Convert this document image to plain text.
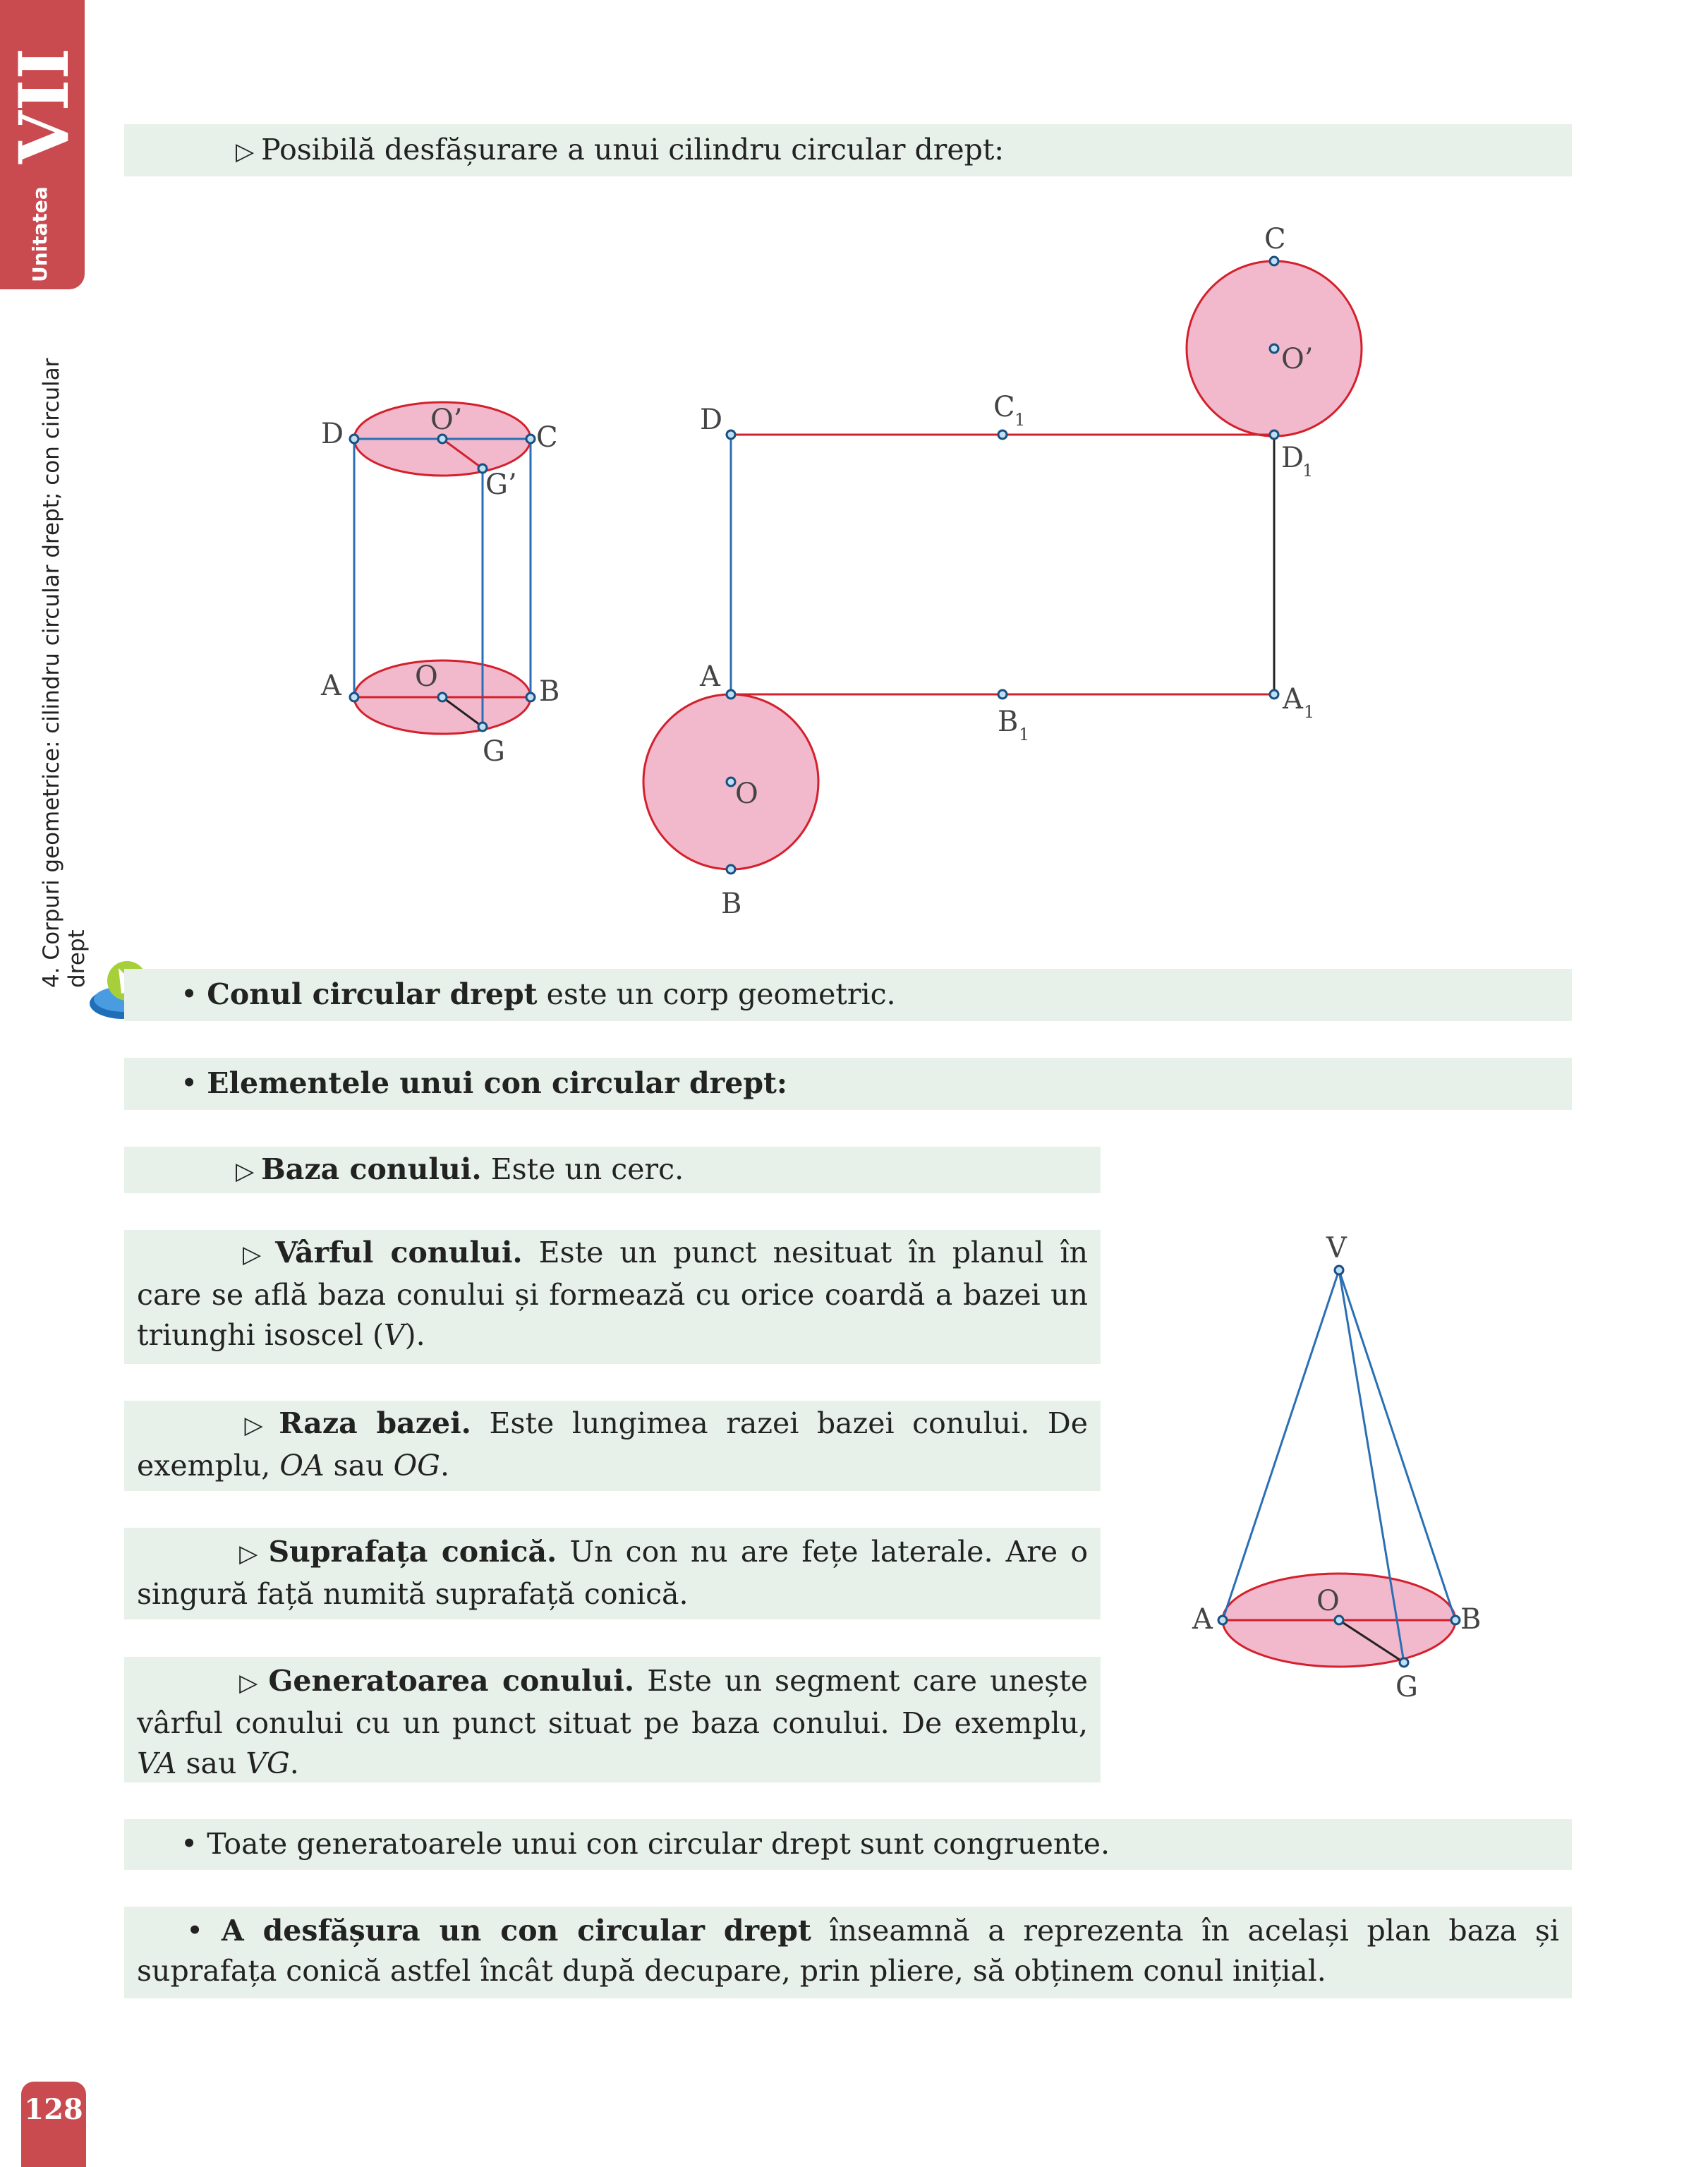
VII
Unitatea
4. Corpuri geometrice: cilindru circular drept; con circular drept
128
▷ Posibilă desfășurare a unui cilindru circular drept:
D	O’
C
G’
A	O	B
G
C
O’
D	C 1
D
1
A
B 1
A 1
O
B
• Conul circular drept este un corp geometric.
• Elementele unui con circular drept:
▷ Baza conului. Este un cerc.
▷ Vârful conului. Este un punct nesituat în planul în care se află baza conului și formează cu orice coardă a bazei un triunghi isoscel (V).
▷ Raza bazei. Este lungimea razei bazei conului. De exemplu, OA sau OG.
▷ Suprafața conică. Un con nu are fețe laterale. Are o singură față numită suprafață conică.
▷ Generatoarea conului. Este un segment care unește vârful conului cu un punct situat pe baza conului. De exemplu, VA sau VG.
V
A
O
B
G
• Toate generatoarele unui con circular drept sunt congruente.
• A desfășura un con circular drept înseamnă a reprezenta în același plan baza și suprafața conică astfel încât după decupare, prin pliere, să obținem conul inițial.
